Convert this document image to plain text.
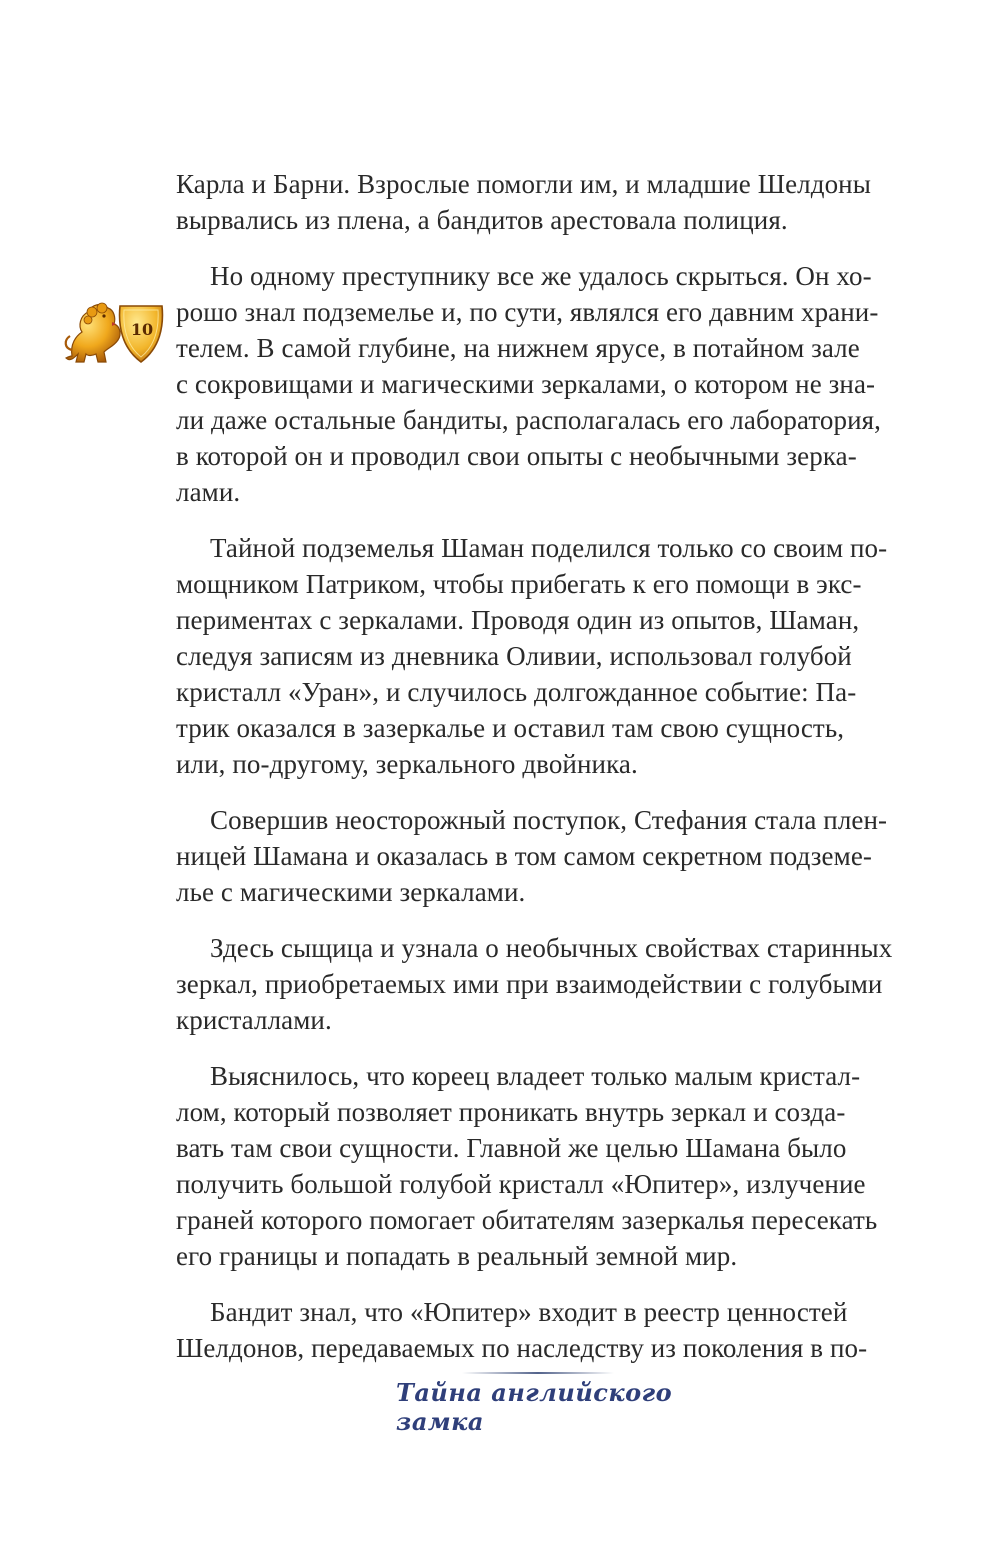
10

Карла и Барни. Взрослые помогли им, и младшие Шелдоны
вырвались из плена, а бандитов арестовала полиция.

Но одному преступнику все же удалось скрыться. Он хо-
рошо знал подземелье и, по сути, являлся его давним храни-
телем. В самой глубине, на нижнем ярусе, в потайном зале
с сокровищами и магическими зеркалами, о котором не зна-
ли даже остальные бандиты, располагалась его лаборатория,
в которой он и проводил свои опыты с необычными зерка-
лами.

Тайной подземелья Шаман поделился только со своим по-
мощником Патриком, чтобы прибегать к его помощи в экс-
периментах с зеркалами. Проводя один из опытов, Шаман,
следуя записям из дневника Оливии, использовал голубой
кристалл «Уран», и случилось долгожданное событие: Па-
трик оказался в зазеркалье и оставил там свою сущность,
или, по-другому, зеркального двойника.

Совершив неосторожный поступок, Стефания стала плен-
ницей Шамана и оказалась в том самом секретном подземе-
лье с магическими зеркалами.

Здесь сыщица и узнала о необычных свойствах старинных
зеркал, приобретаемых ими при взаимодействии с голубыми
кристаллами.

Выяснилось, что кореец владеет только малым кристал-
лом, который позволяет проникать внутрь зеркал и созда-
вать там свои сущности. Главной же целью Шамана было
получить большой голубой кристалл «Юпитер», излучение
граней которого помогает обитателям зазеркалья пересекать
его границы и попадать в реальный земной мир.

Бандит знал, что «Юпитер» входит в реестр ценностей
Шелдонов, передаваемых по наследству из поколения в по-

Тайна английского замка
